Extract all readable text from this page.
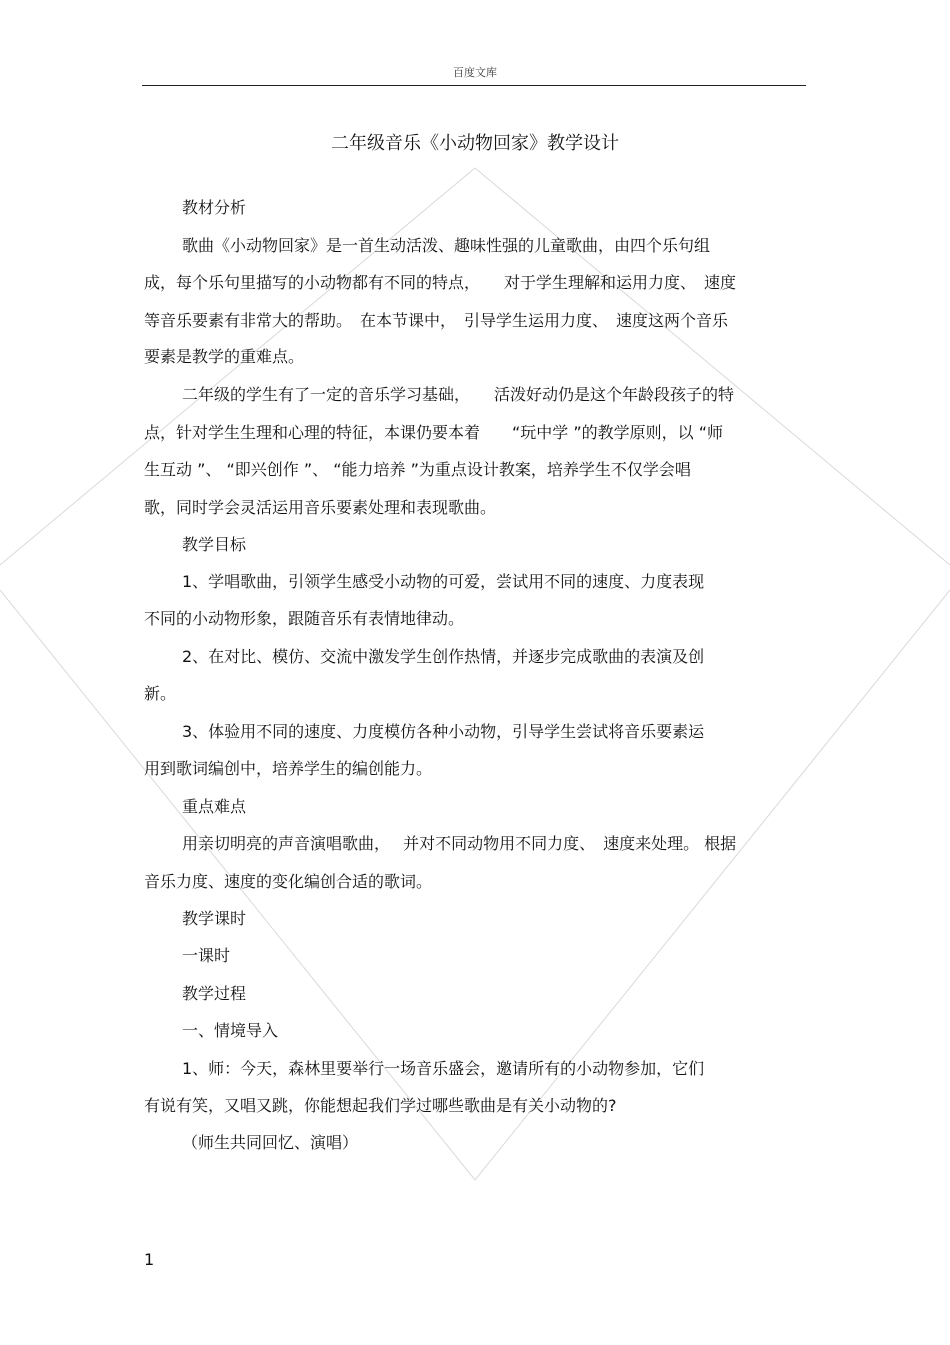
百度文库
二年级音乐《小动物回家》教学设计
教材分析
歌曲《小动物回家》是一首生动活泼、趣味性强的儿童歌曲，由四个乐句组
成，每个乐句里描写的小动物都有不同的特点，　　对于学生理解和运用力度、　速度
等音乐要素有非常大的帮助。　在本节课中，　引导学生运用力度、　速度这两个音乐
要素是教学的重难点。
二年级的学生有了一定的音乐学习基础，　　活泼好动仍是这个年龄段孩子的特
点，针对学生生理和心理的特征，本课仍要本着　　“玩中学 ”的教学原则，以 “师
生互动 ”、 “即兴创作 ”、 “能力培养 ”为重点设计教案，培养学生不仅学会唱
歌，同时学会灵活运用音乐要素处理和表现歌曲。
教学目标
1、学唱歌曲，引领学生感受小动物的可爱，尝试用不同的速度、力度表现
不同的小动物形象，跟随音乐有表情地律动。
2、在对比、模仿、交流中激发学生创作热情，并逐步完成歌曲的表演及创
新。
3、体验用不同的速度、力度模仿各种小动物，引导学生尝试将音乐要素运
用到歌词编创中，培养学生的编创能力。
重点难点
用亲切明亮的声音演唱歌曲，　 并对不同动物用不同力度、　速度来处理。 根据
音乐力度、速度的变化编创合适的歌词。
教学课时
一课时
教学过程
一、情境导入
1、师：今天，森林里要举行一场音乐盛会，邀请所有的小动物参加，它们
有说有笑，又唱又跳，你能想起我们学过哪些歌曲是有关小动物的?
（师生共同回忆、演唱）
1
